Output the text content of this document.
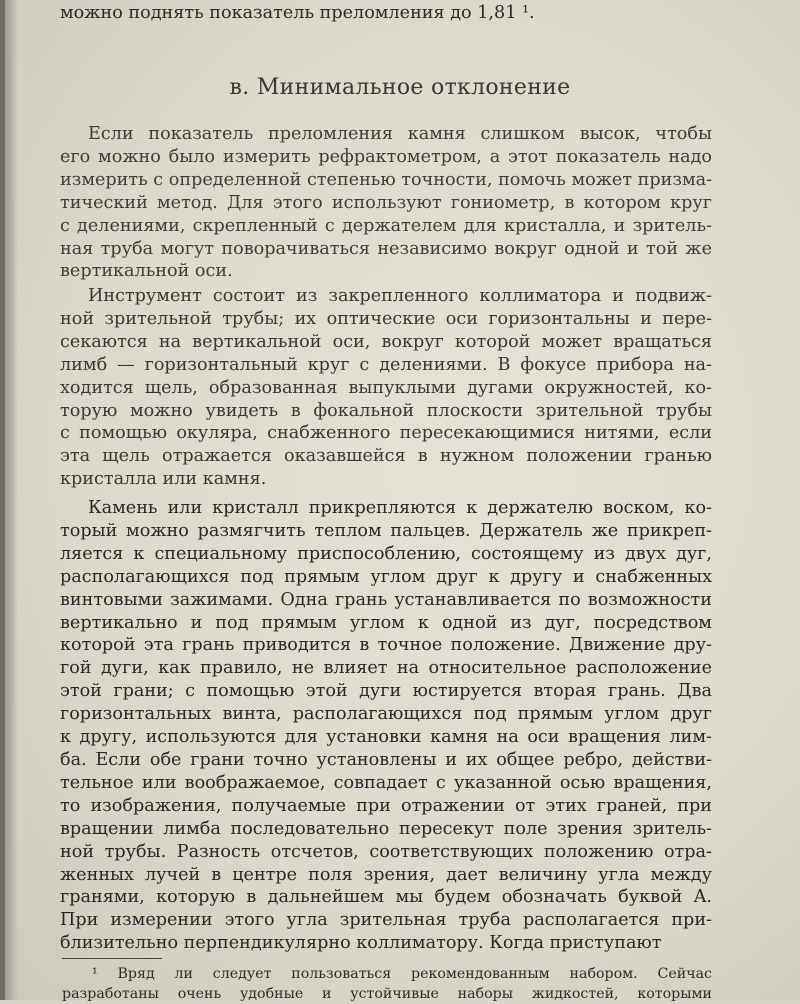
можно поднять показатель преломления до 1,81 ¹.
в. Минимальное отклонение
Если показатель преломления камня слишком высок, чтобы
его можно было измерить рефрактометром, а этот показатель надо
измерить с определенной степенью точности, помочь может призма-
тический метод. Для этого используют гониометр, в котором круг
с делениями, скрепленный с держателем для кристалла, и зритель-
ная труба могут поворачиваться независимо вокруг одной и той же
вертикальной оси.
Инструмент состоит из закрепленного коллиматора и подвиж-
ной зрительной трубы; их оптические оси горизонтальны и пере-
секаются на вертикальной оси, вокруг которой может вращаться
лимб — горизонтальный круг с делениями. В фокусе прибора на-
ходится щель, образованная выпуклыми дугами окружностей, ко-
торую можно увидеть в фокальной плоскости зрительной трубы
с помощью окуляра, снабженного пересекающимися нитями, если
эта щель отражается оказавшейся в нужном положении гранью
кристалла или камня.
Камень или кристалл прикрепляются к держателю воском, ко-
торый можно размягчить теплом пальцев. Держатель же прикреп-
ляется к специальному приспособлению, состоящему из двух дуг,
располагающихся под прямым углом друг к другу и снабженных
винтовыми зажимами. Одна грань устанавливается по возможности
вертикально и под прямым углом к одной из дуг, посредством
которой эта грань приводится в точное положение. Движение дру-
гой дуги, как правило, не влияет на относительное расположение
этой грани; с помощью этой дуги юстируется вторая грань. Два
горизонтальных винта, располагающихся под прямым углом друг
к другу, используются для установки камня на оси вращения лим-
ба. Если обе грани точно установлены и их общее ребро, действи-
тельное или воображаемое, совпадает с указанной осью вращения,
то изображения, получаемые при отражении от этих граней, при
вращении лимба последовательно пересекут поле зрения зритель-
ной трубы. Разность отсчетов, соответствующих положению отра-
женных лучей в центре поля зрения, дает величину угла между
гранями, которую в дальнейшем мы будем обозначать буквой A.
При измерении этого угла зрительная труба располагается при-
близительно перпендикулярно коллиматору. Когда приступают
¹ Вряд ли следует пользоваться рекомендованным набором. Сейчас
разработаны очень удобные и устойчивые наборы жидкостей, которыми
